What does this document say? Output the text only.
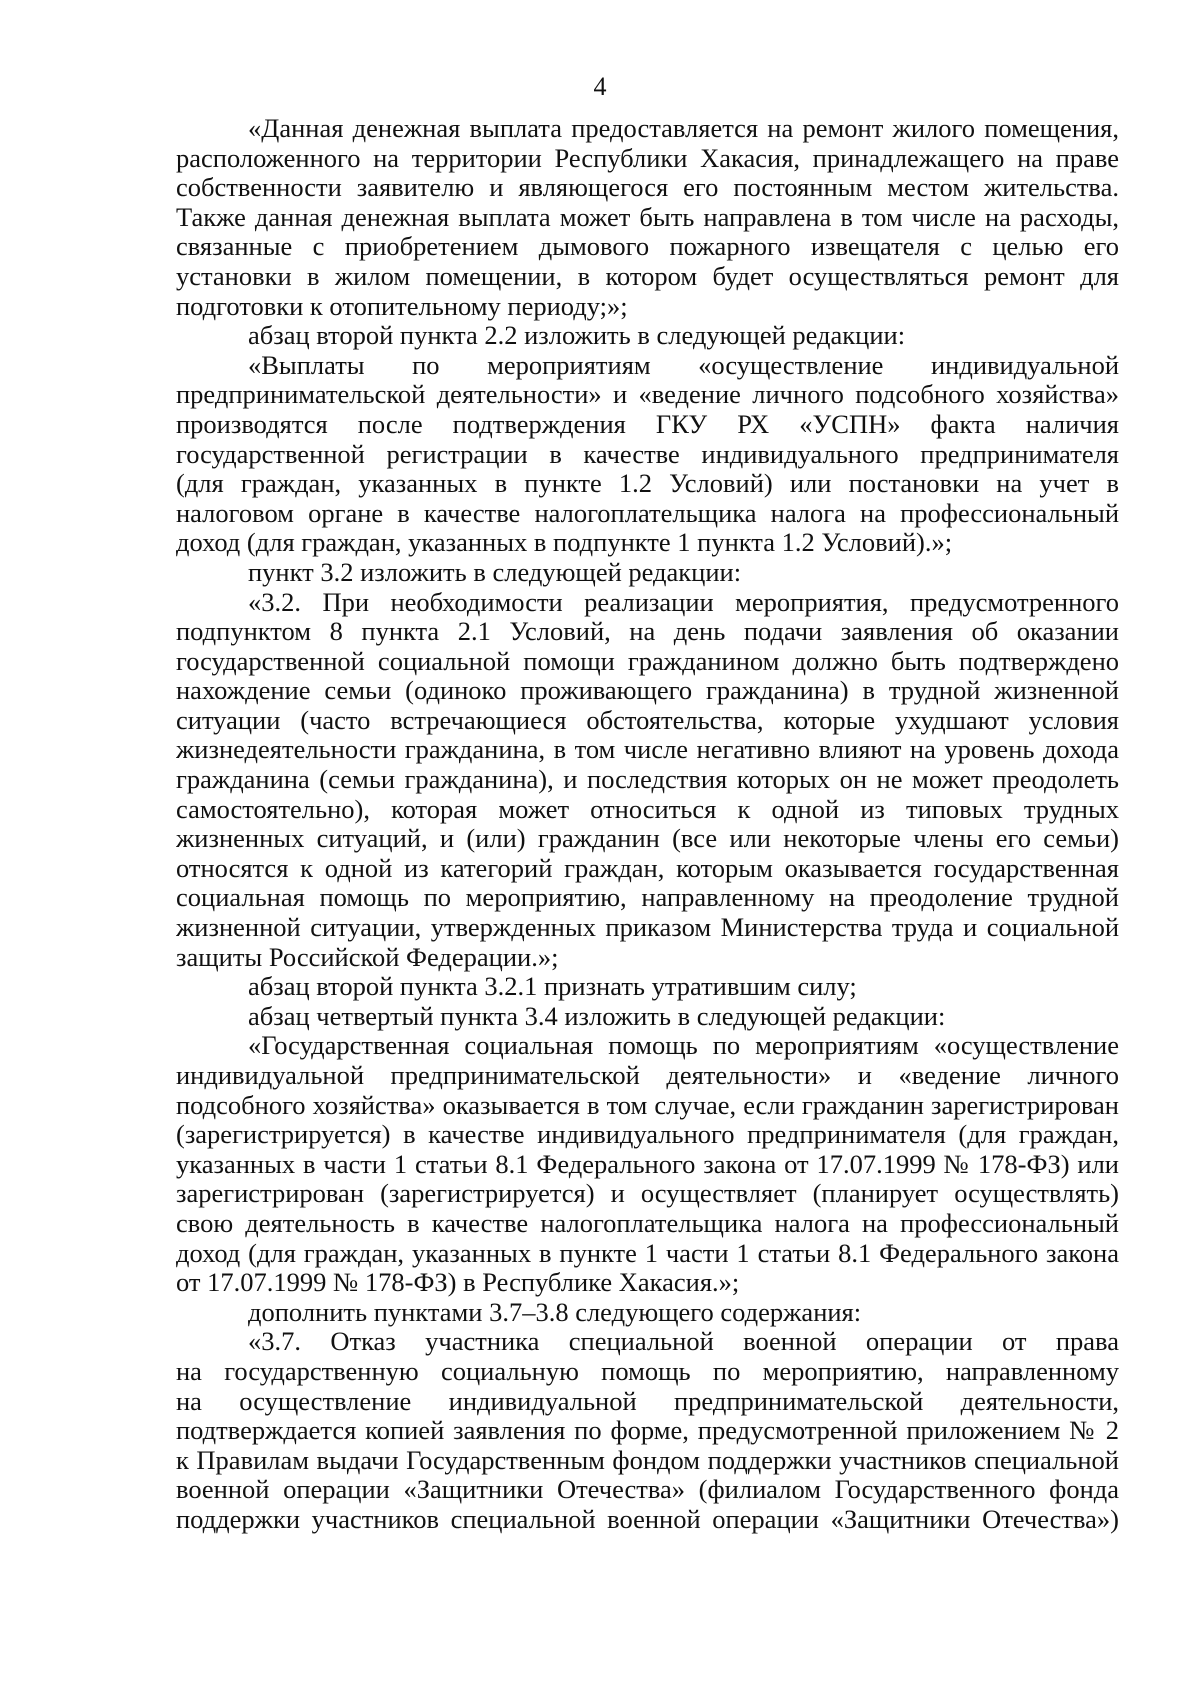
4
«Данная денежная выплата предоставляется на ремонт жилого помещения,
расположенного на территории Республики Хакасия, принадлежащего на праве
собственности заявителю и являющегося его постоянным местом жительства.
Также данная денежная выплата может быть направлена в том числе на расходы,
связанные с приобретением дымового пожарного извещателя с целью его
установки в жилом помещении, в котором будет осуществляться ремонт для
подготовки к отопительному периоду;»;
абзац второй пункта 2.2 изложить в следующей редакции:
«Выплаты по мероприятиям «осуществление индивидуальной
предпринимательской деятельности» и «ведение личного подсобного хозяйства»
производятся после подтверждения ГКУ РХ «УСПН» факта наличия
государственной регистрации в качестве индивидуального предпринимателя
(для граждан, указанных в пункте 1.2 Условий) или постановки на учет в
налоговом органе в качестве налогоплательщика налога на профессиональный
доход (для граждан, указанных в подпункте 1 пункта 1.2 Условий).»;
пункт 3.2 изложить в следующей редакции:
«3.2. При необходимости реализации мероприятия, предусмотренного
подпунктом 8 пункта 2.1 Условий, на день подачи заявления об оказании
государственной социальной помощи гражданином должно быть подтверждено
нахождение семьи (одиноко проживающего гражданина) в трудной жизненной
ситуации (часто встречающиеся обстоятельства, которые ухудшают условия
жизнедеятельности гражданина, в том числе негативно влияют на уровень дохода
гражданина (семьи гражданина), и последствия которых он не может преодолеть
самостоятельно), которая может относиться к одной из типовых трудных
жизненных ситуаций, и (или) гражданин (все или некоторые члены его семьи)
относятся к одной из категорий граждан, которым оказывается государственная
социальная помощь по мероприятию, направленному на преодоление трудной
жизненной ситуации, утвержденных приказом Министерства труда и социальной
защиты Российской Федерации.»;
абзац второй пункта 3.2.1 признать утратившим силу;
абзац четвертый пункта 3.4 изложить в следующей редакции:
«Государственная социальная помощь по мероприятиям «осуществление
индивидуальной предпринимательской деятельности» и «ведение личного
подсобного хозяйства» оказывается в том случае, если гражданин зарегистрирован
(зарегистрируется) в качестве индивидуального предпринимателя (для граждан,
указанных в части 1 статьи 8.1 Федерального закона от 17.07.1999 № 178-ФЗ) или
зарегистрирован (зарегистрируется) и осуществляет (планирует осуществлять)
свою деятельность в качестве налогоплательщика налога на профессиональный
доход (для граждан, указанных в пункте 1 части 1 статьи 8.1 Федерального закона
от 17.07.1999 № 178-ФЗ) в Республике Хакасия.»;
дополнить пунктами 3.7–3.8 следующего содержания:
«3.7. Отказ участника специальной военной операции от права
на государственную социальную помощь по мероприятию, направленному
на осуществление индивидуальной предпринимательской деятельности,
подтверждается копией заявления по форме, предусмотренной приложением № 2
к Правилам выдачи Государственным фондом поддержки участников специальной
военной операции «Защитники Отечества» (филиалом Государственного фонда
поддержки участников специальной военной операции «Защитники Отечества»)
